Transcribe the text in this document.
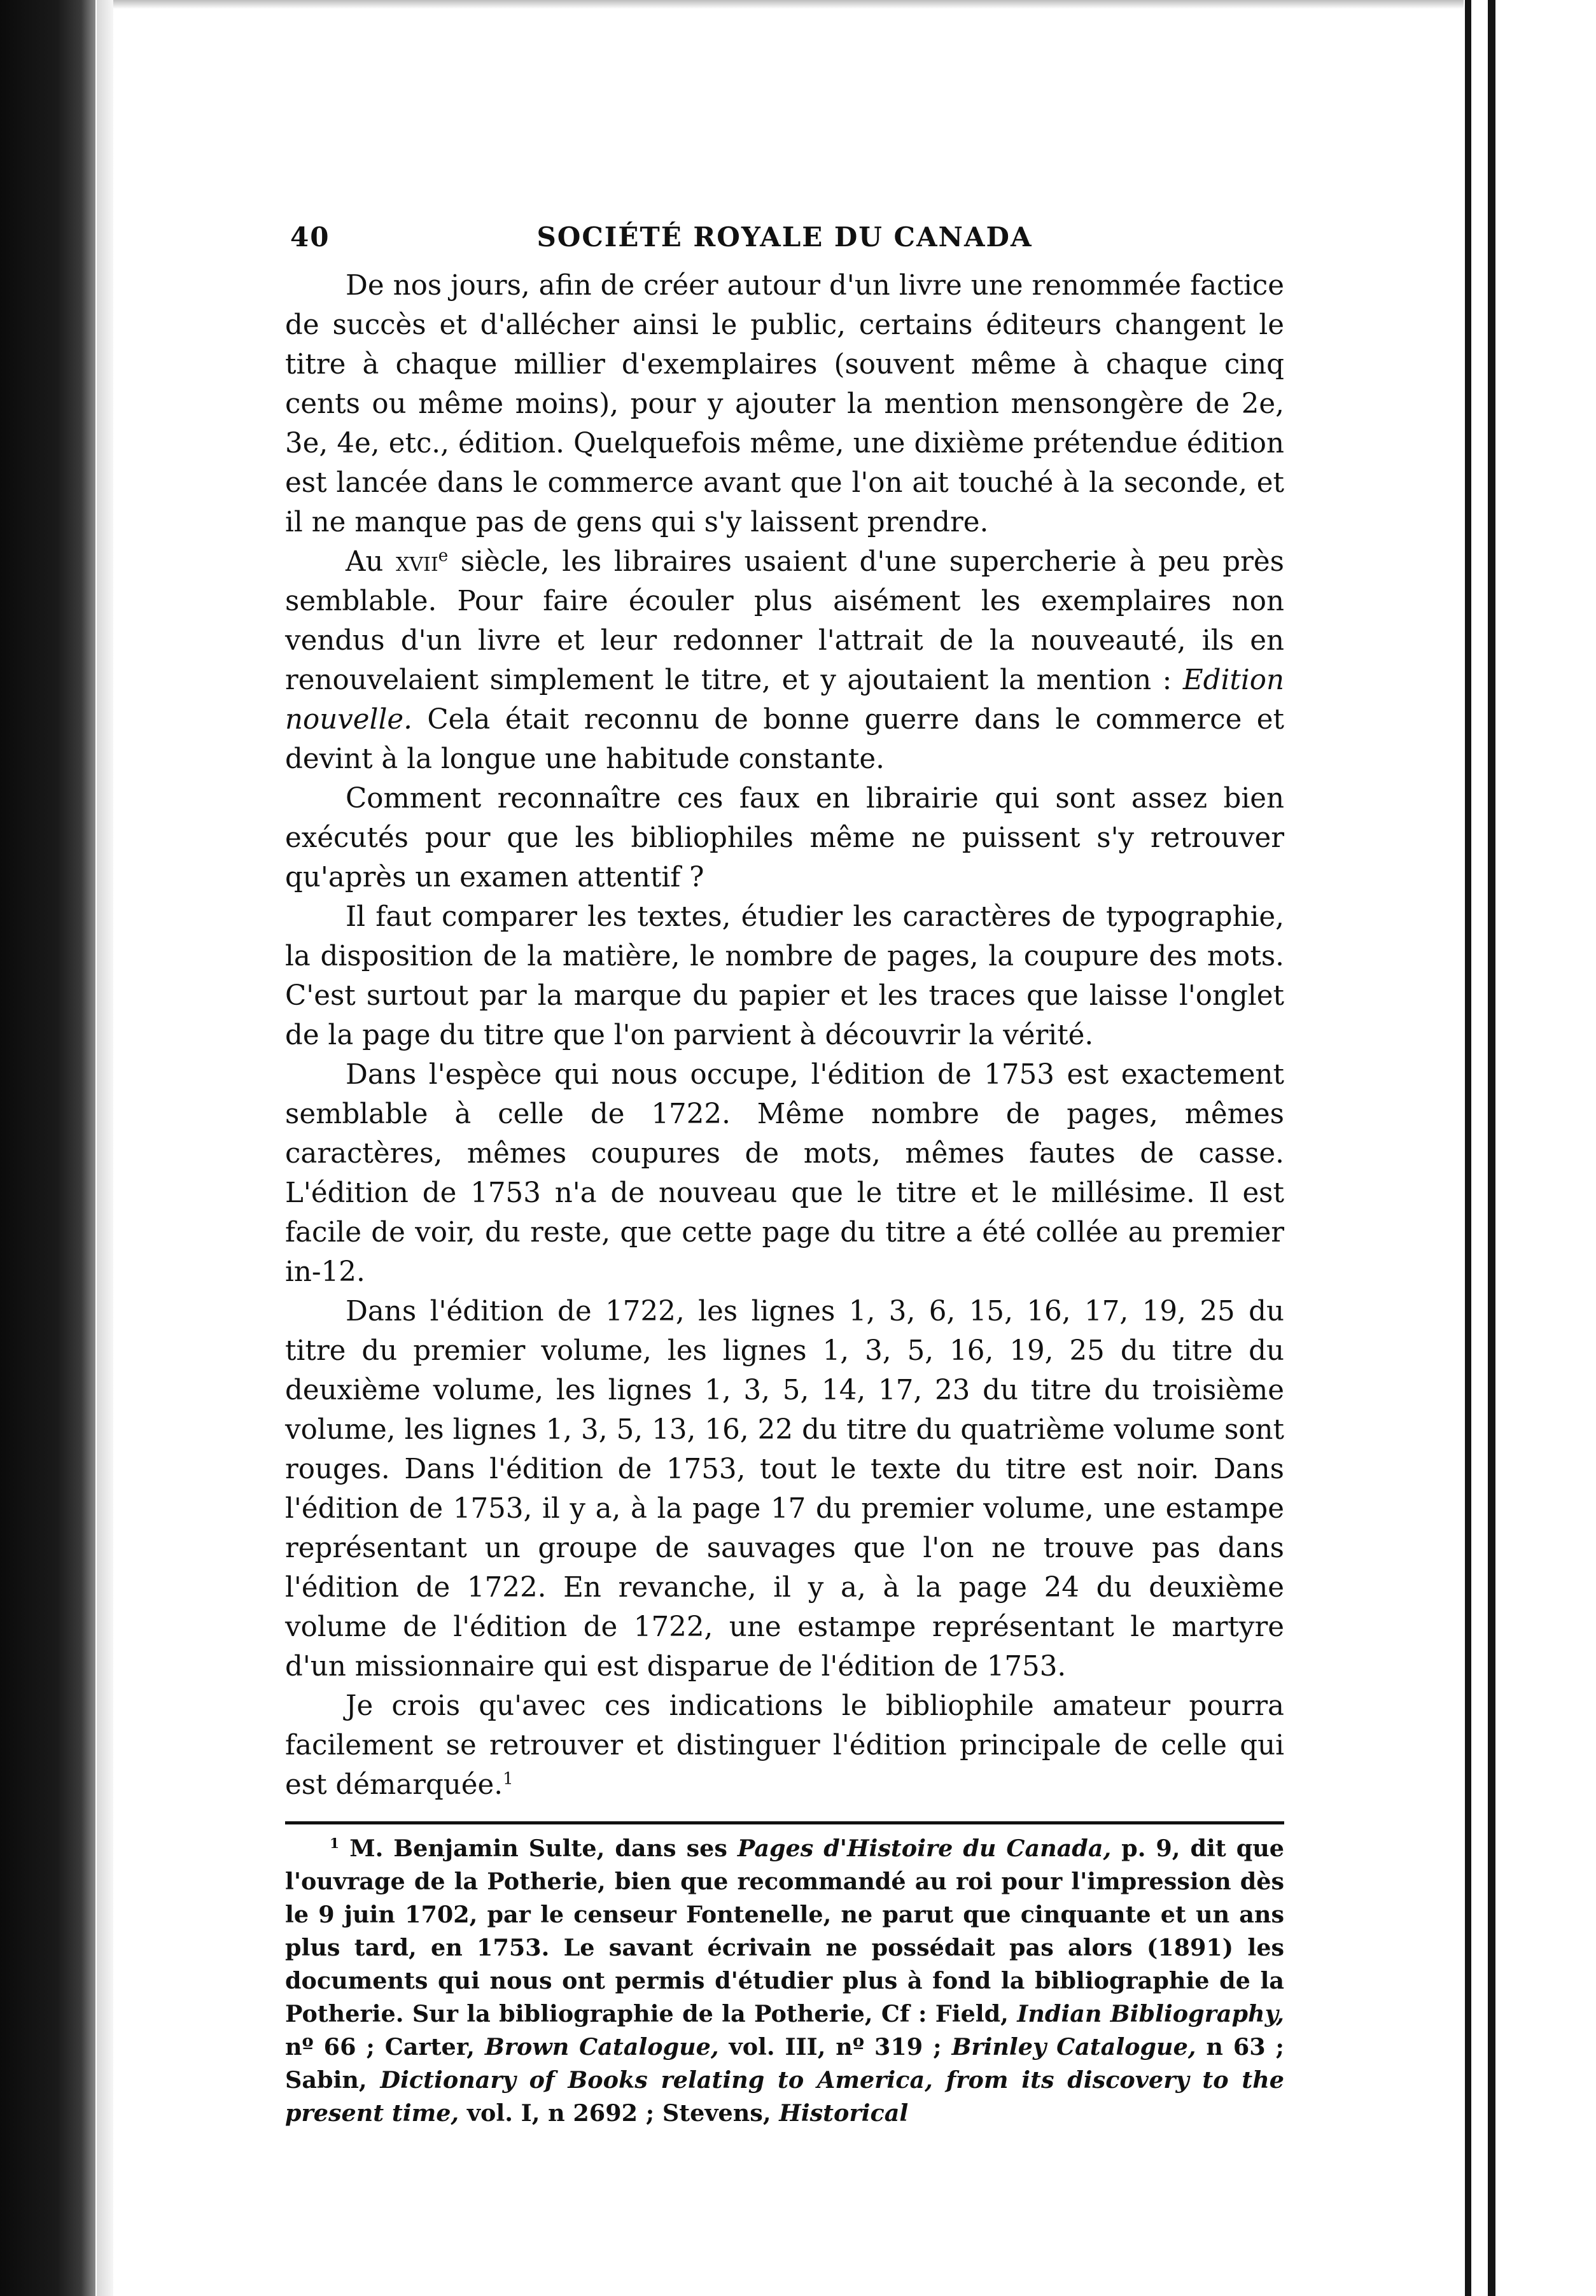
40	SOCIÉTÉ ROYALE DU CANADA

De nos jours, afin de créer autour d'un livre une renommée factice de succès et d'allécher ainsi le public, certains éditeurs changent le titre à chaque millier d'exemplaires (souvent même à chaque cinq cents ou même moins), pour y ajouter la mention mensongère de 2e, 3e, 4e, etc., édition. Quelquefois même, une dixième prétendue édition est lancée dans le commerce avant que l'on ait touché à la seconde, et il ne manque pas de gens qui s'y laissent prendre.

Au xvii$^e$ siècle, les libraires usaient d'une supercherie à peu près semblable. Pour faire écouler plus aisément les exemplaires non vendus d'un livre et leur redonner l'attrait de la nouveauté, ils en renouvelaient simplement le titre, et y ajoutaient la mention : Edition nouvelle. Cela était reconnu de bonne guerre dans le commerce et devint à la longue une habitude constante.

Comment reconnaître ces faux en librairie qui sont assez bien exécutés pour que les bibliophiles même ne puissent s'y retrouver qu'après un examen attentif ?

Il faut comparer les textes, étudier les caractères de typographie, la disposition de la matière, le nombre de pages, la coupure des mots. C'est surtout par la marque du papier et les traces que laisse l'onglet de la page du titre que l'on parvient à découvrir la vérité.

Dans l'espèce qui nous occupe, l'édition de 1753 est exactement semblable à celle de 1722. Même nombre de pages, mêmes caractères, mêmes coupures de mots, mêmes fautes de casse. L'édition de 1753 n'a de nouveau que le titre et le millésime. Il est facile de voir, du reste, que cette page du titre a été collée au premier in-12.

Dans l'édition de 1722, les lignes 1, 3, 6, 15, 16, 17, 19, 25 du titre du premier volume, les lignes 1, 3, 5, 16, 19, 25 du titre du deuxième volume, les lignes 1, 3, 5, 14, 17, 23 du titre du troisième volume, les lignes 1, 3, 5, 13, 16, 22 du titre du quatrième volume sont rouges. Dans l'édition de 1753, tout le texte du titre est noir. Dans l'édition de 1753, il y a, à la page 17 du premier volume, une estampe représentant un groupe de sauvages que l'on ne trouve pas dans l'édition de 1722. En revanche, il y a, à la page 24 du deuxième volume de l'édition de 1722, une estampe représentant le martyre d'un missionnaire qui est disparue de l'édition de 1753.

Je crois qu'avec ces indications le bibliophile amateur pourra facilement se retrouver et distinguer l'édition principale de celle qui est démarquée.$^1$

$^1$ M. Benjamin Sulte, dans ses Pages d'Histoire du Canada, p. 9, dit que l'ouvrage de la Potherie, bien que recommandé au roi pour l'impression dès le 9 juin 1702, par le censeur Fontenelle, ne parut que cinquante et un ans plus tard, en 1753. Le savant écrivain ne possédait pas alors (1891) les documents qui nous ont permis d'étudier plus à fond la bibliographie de la Potherie. Sur la bibliographie de la Potherie, Cf : Field, Indian Bibliography, nº 66 ; Carter, Brown Catalogue, vol. III, nº 319 ; Brinley Catalogue, n 63 ; Sabin, Dictionary of Books relating to America, from its discovery to the present time, vol. I, n 2692 ; Stevens, Historical
